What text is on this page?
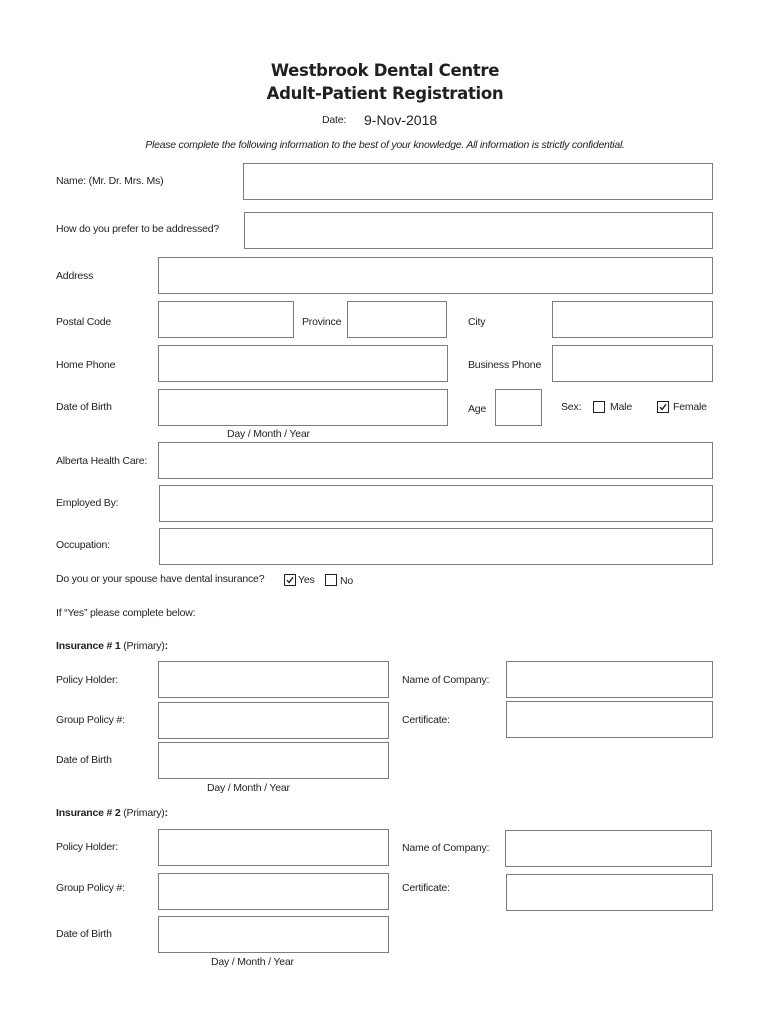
Westbrook Dental Centre
Adult-Patient Registration
Date: 9-Nov-2018
Please complete the following information to the best of your knowledge. All information is strictly confidential.
Name: (Mr. Dr. Mrs. Ms)
How do you prefer to be addressed?
Address
Postal Code	Province	City
Home Phone	Business Phone
Date of Birth
Day / Month / Year
Age	Sex:	Male	Female
Alberta Health Care:
Employed By:
Occupation:
Do you or your spouse have dental insurance?	Yes No
If “Yes” please complete below:
Insurance # 1 (Primary):
Policy Holder:	Name of Company:
Group Policy #:	Certificate:
Date of Birth
Day / Month / Year
Insurance # 2 (Primary):
Policy Holder:	Name of Company:
Group Policy #:	Certificate:
Date of Birth
Day / Month / Year
